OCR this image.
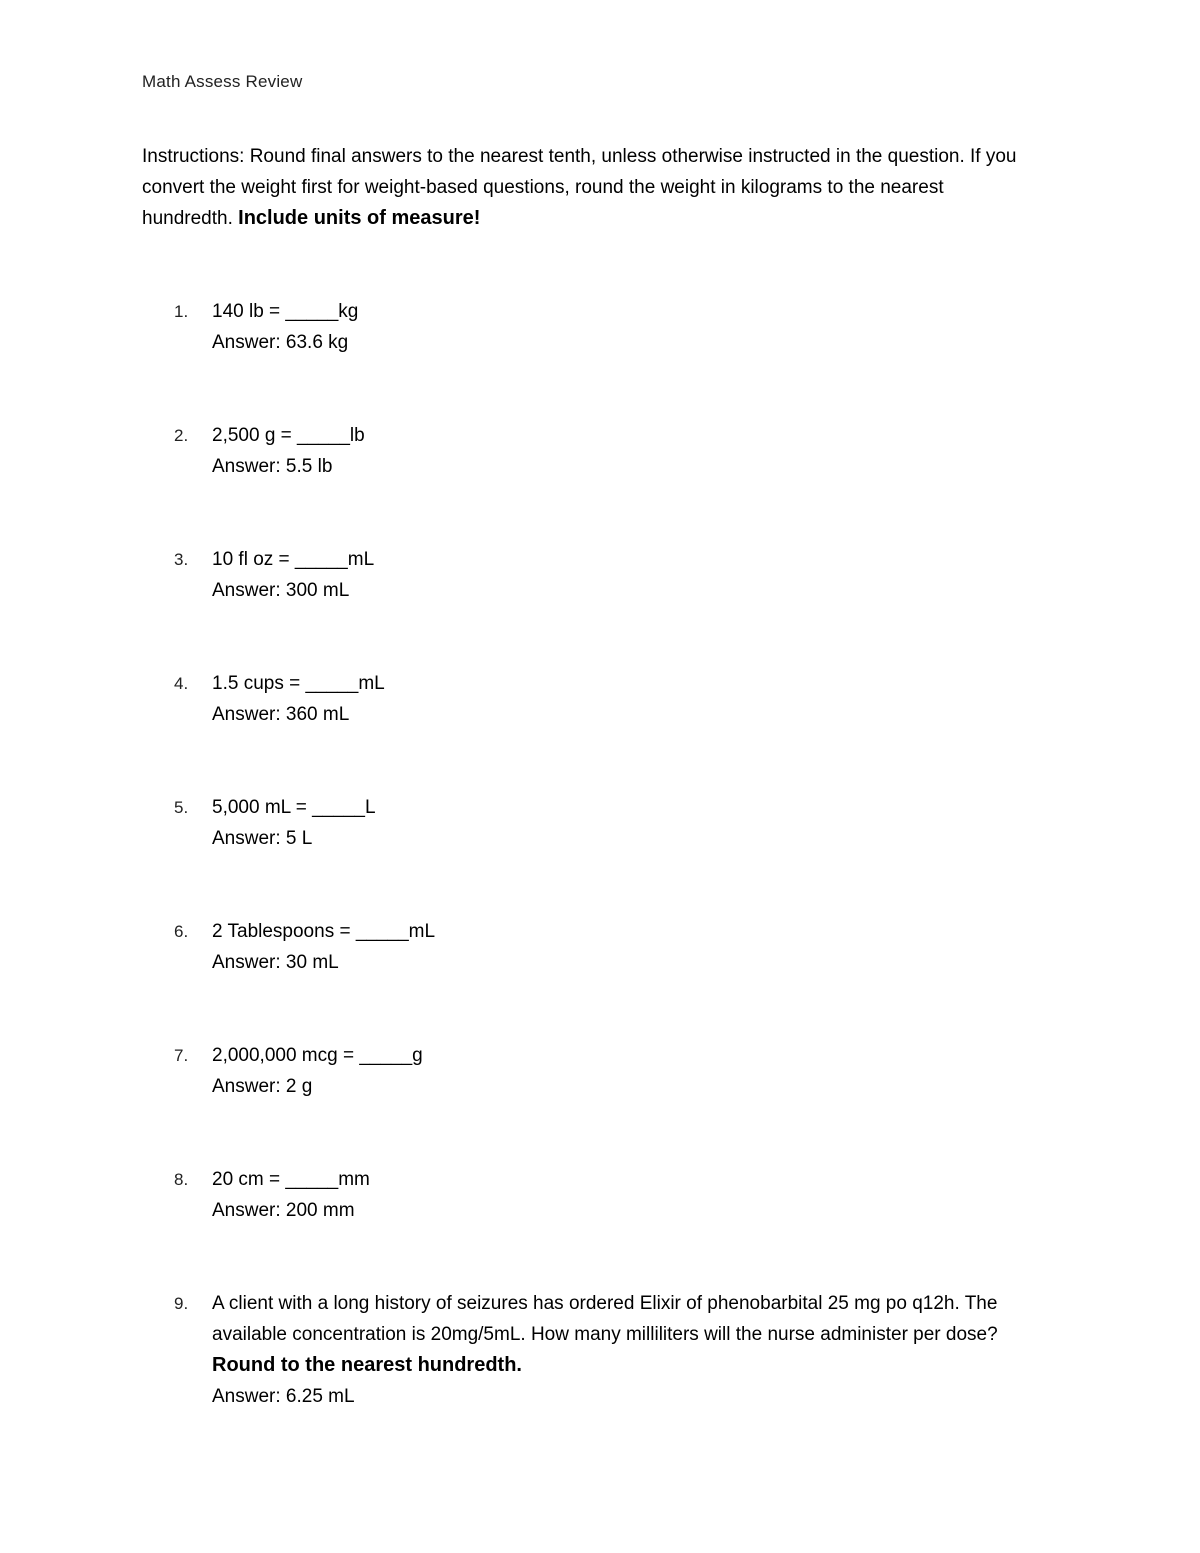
Math Assess Review
Instructions: Round final answers to the nearest tenth, unless otherwise instructed in the question. If you convert the weight first for weight-based questions, round the weight in kilograms to the nearest hundredth. Include units of measure!
1. 140 lb = _____kg
Answer: 63.6 kg
2. 2,500 g = _____lb
Answer: 5.5 lb
3. 10 fl oz = _____mL
Answer: 300 mL
4. 1.5 cups = _____mL
Answer: 360 mL
5. 5,000 mL = _____L
Answer: 5 L
6. 2 Tablespoons = _____mL
Answer: 30 mL
7. 2,000,000 mcg = _____g
Answer: 2 g
8. 20 cm = _____mm
Answer: 200 mm
9. A client with a long history of seizures has ordered Elixir of phenobarbital 25 mg po q12h. The available concentration is 20mg/5mL. How many milliliters will the nurse administer per dose? Round to the nearest hundredth.
Answer: 6.25 mL
